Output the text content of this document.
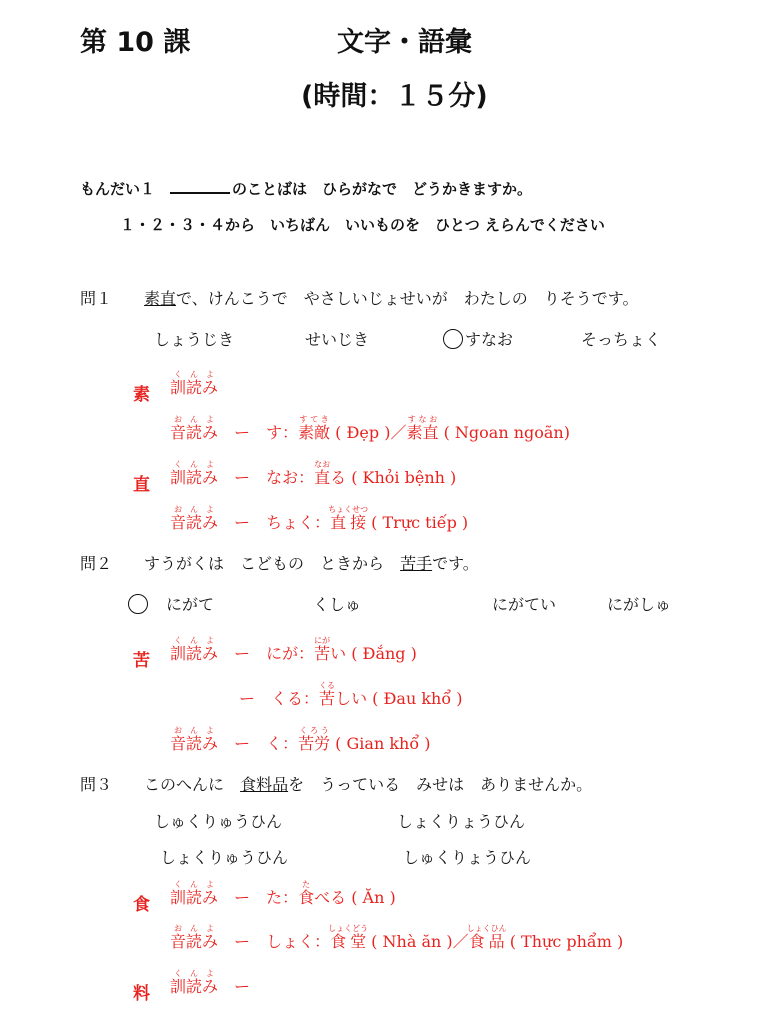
第 10 課	文字・語彙
(時間：１５分)
もんだい１　	のことばは　ひらがなで　どうかきますか。
１・２・３・４から　いちばん　いいものを　ひとつ えらんでください
問１　　 素直で、けんこうで　やさしいじょせいが　わたしの　りそうです。
しょうじき	せいじき	すなお	そっちょく
素 訓読みくんよ
音読みおんよ　ー　 す：素敵すてき ( Đẹp )／素直すなお ( Ngoan ngoãn)
直 訓読みくんよ　ー　 なお：直なおる ( Khỏi bệnh )
音読みおんよ　ー　 ちょく：直接ちょくせつ ( Trực tiếp )
問２　　 すうがくは　こどもの　ときから　 苦手です。
　にがて	くしゅ	にがてい	にがしゅ
苦 訓読みくんよ　ー　 にが：苦にがい ( Đắng )
ー　 くる：苦くるしい ( Đau khổ )
音読みおんよ　ー　 く：苦労くろう ( Gian khổ )
問３　　 このへんに　 食料品を　うっている　みせは　ありませんか。
しゅくりゅうひん	しょくりょうひん
しょくりゅうひん	しゅくりょうひん
食 訓読みくんよ　ー　 た：食たべる ( Ăn )
音読みおんよ　ー　 しょく：食堂しょくどう ( Nhà ăn )／食品しょくひん ( Thực phẩm )
料 訓読みくんよ　ー
